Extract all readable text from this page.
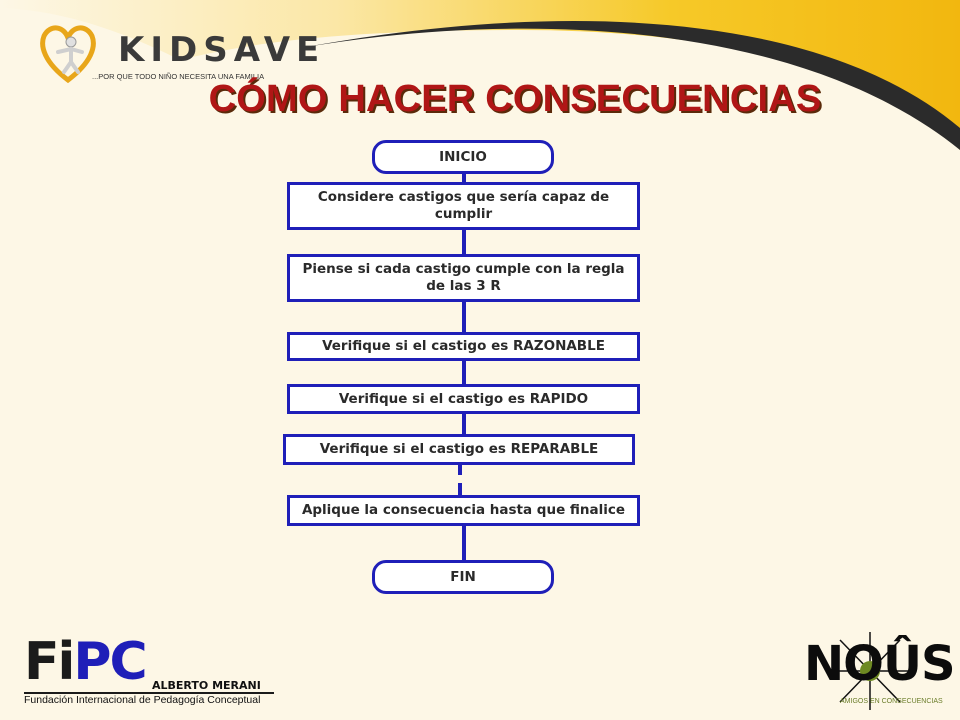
KIDSAVE
...POR QUE TODO NIÑO NECESITA UNA FAMILIA
CÓMO HACER CONSECUENCIAS
INICIO
Considere castigos que sería capaz de cumplir
Piense si cada castigo cumple con la regla de las 3 R
Verifique si el castigo es RAZONABLE
Verifique si el castigo es RAPIDO
Verifique si el castigo es REPARABLE
Aplique la consecuencia hasta que finalice
FIN
FiPC ALBERTO MERANI
Fundación Internacional de Pedagogía Conceptual
NOÛS
AMIGOS EN CONSECUENCIAS
